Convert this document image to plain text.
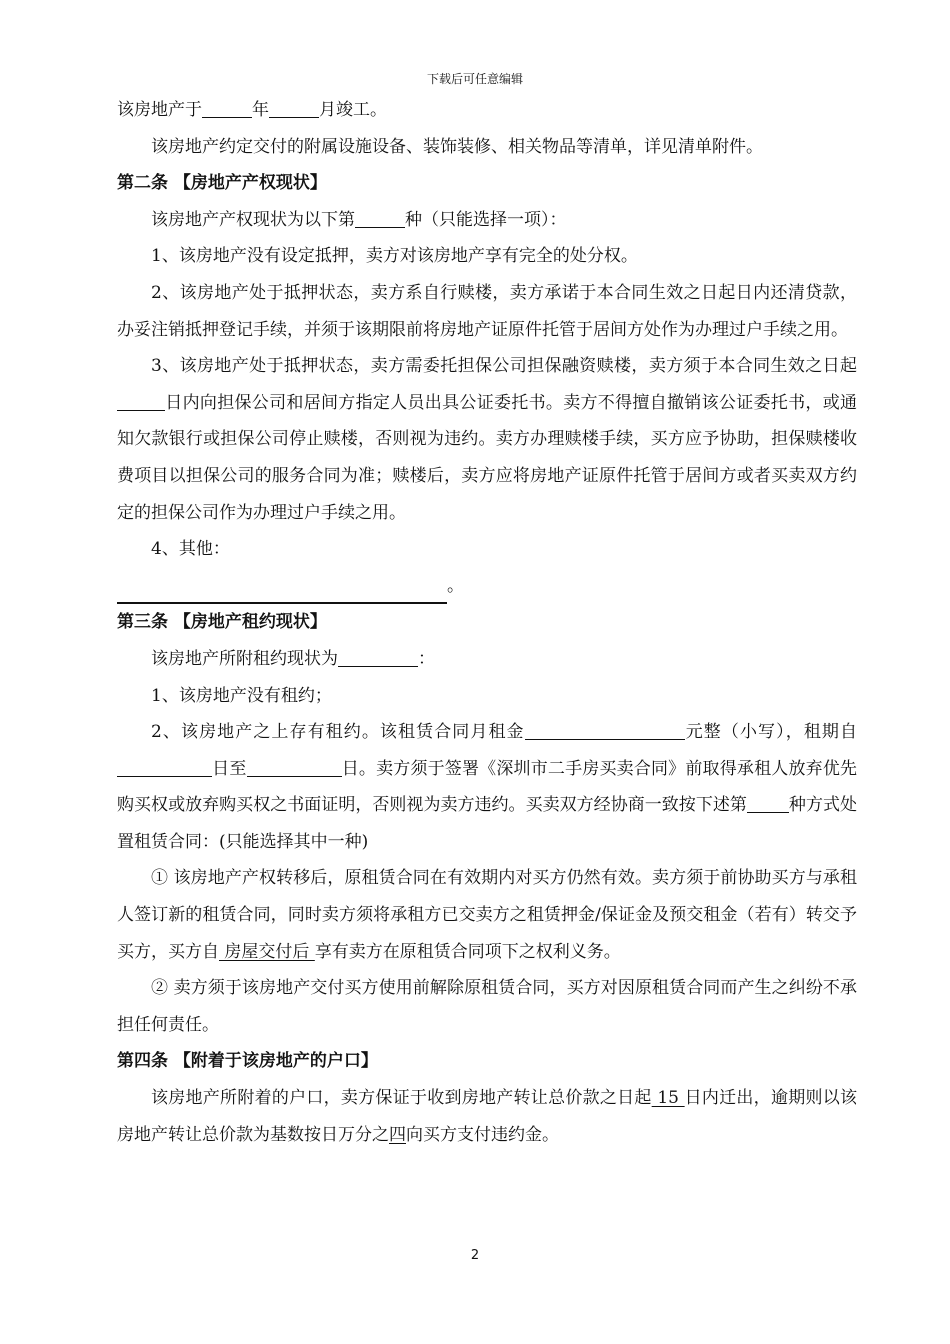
下载后可任意编辑

该房地产于	年	月竣工。

该房地产约定交付的附属设施设备、装饰装修、相关物品等清单，详见清单附件。

第二条 【房地产产权现状】

该房地产产权现状为以下第	种（只能选择一项）：

1、该房地产没有设定抵押，卖方对该房地产享有完全的处分权。

2、该房地产处于抵押状态，卖方系自行赎楼，卖方承诺于本合同生效之日起日内还清贷款，办妥注销抵押登记手续，并须于该期限前将房地产证原件托管于居间方处作为办理过户手续之用。

3、该房地产处于抵押状态，卖方需委托担保公司担保融资赎楼，卖方须于本合同生效之日起日内向担保公司和居间方指定人员出具公证委托书。卖方不得擅自撤销该公证委托书，或通知欠款银行或担保公司停止赎楼，否则视为违约。卖方办理赎楼手续，买方应予协助，担保赎楼收费项目以担保公司的服务合同为准；赎楼后，卖方应将房地产证原件托管于居间方或者买卖双方约定的担保公司作为办理过户手续之用。

4、其他：

。

第三条 【房地产租约现状】

该房地产所附租约现状为	：

1、该房地产没有租约；

2、该房地产之上存有租约。该租赁合同月租金	元整（小写），租期自日至	日。卖方须于签署《深圳市二手房买卖合同》前取得承租人放弃优先购买权或放弃购买权之书面证明，否则视为卖方违约。买卖双方经协商一致按下述第 种方式处置租赁合同：(只能选择其中一种)

① 该房地产产权转移后，原租赁合同在有效期内对买方仍然有效。卖方须于前协助买方与承租人签订新的租赁合同，同时卖方须将承租方已交卖方之租赁押金/保证金及预交租金（若有）转交予买方，买方自 房屋交付后 享有卖方在原租赁合同项下之权利义务。

② 卖方须于该房地产交付买方使用前解除原租赁合同，买方对因原租赁合同而产生之纠纷不承担任何责任。

第四条 【附着于该房地产的户口】

该房地产所附着的户口，卖方保证于收到房地产转让总价款之日起 15 日内迁出，逾期则以该房地产转让总价款为基数按日万分之四向买方支付违约金。

2
